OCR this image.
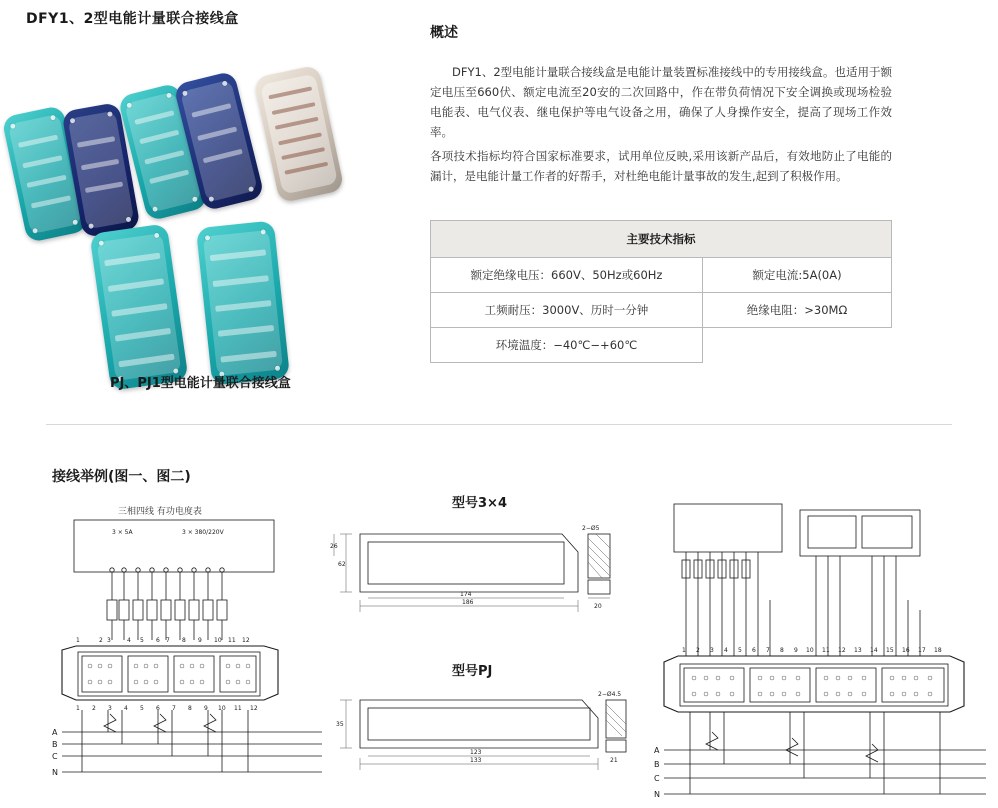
DFY1、2型电能计量联合接线盒
PJ、PJ1型电能计量联合接线盒
概述

DFY1、2型电能计量联合接线盒是电能计量装置标准接线中的专用接线盒。也适用于额定电压至660伏、额定电流至20安的二次回路中，作在带负荷情况下安全调换或现场检验电能表、电气仪表、继电保护等电气设备之用，确保了人身操作安全，提高了现场工作效率。

各项技术指标均符合国家标准要求，试用单位反映,采用该新产品后，有效地防止了电能的漏计，是电能计量工作者的好帮手，对杜绝电能计量事故的发生,起到了积极作用。

主要技术指标	
额定绝缘电压：660V、50Hz或60Hz	额定电流:5A(0A)
工频耐压：3000V、历时一分钟	绝缘电阻：>30MΩ
环境温度：−40℃−+60℃	
接线举例(图一、图二)
型号3×4
型号PJ
三相四线 有功电度表
3 × 5A	3 × 380/220V
1	2 3	4 5 6 7 8 9 10 11 12
1 2 3 4 5 6 7 8 9 10 11 12
A
B
C
N
186
174
62
26
2−Ø5
20
133
123
35
2−Ø4.5
21
1 2 3 4 5 6 7 8 9 10 11 12 13 14 15 16 17 18
A
B
C
N
